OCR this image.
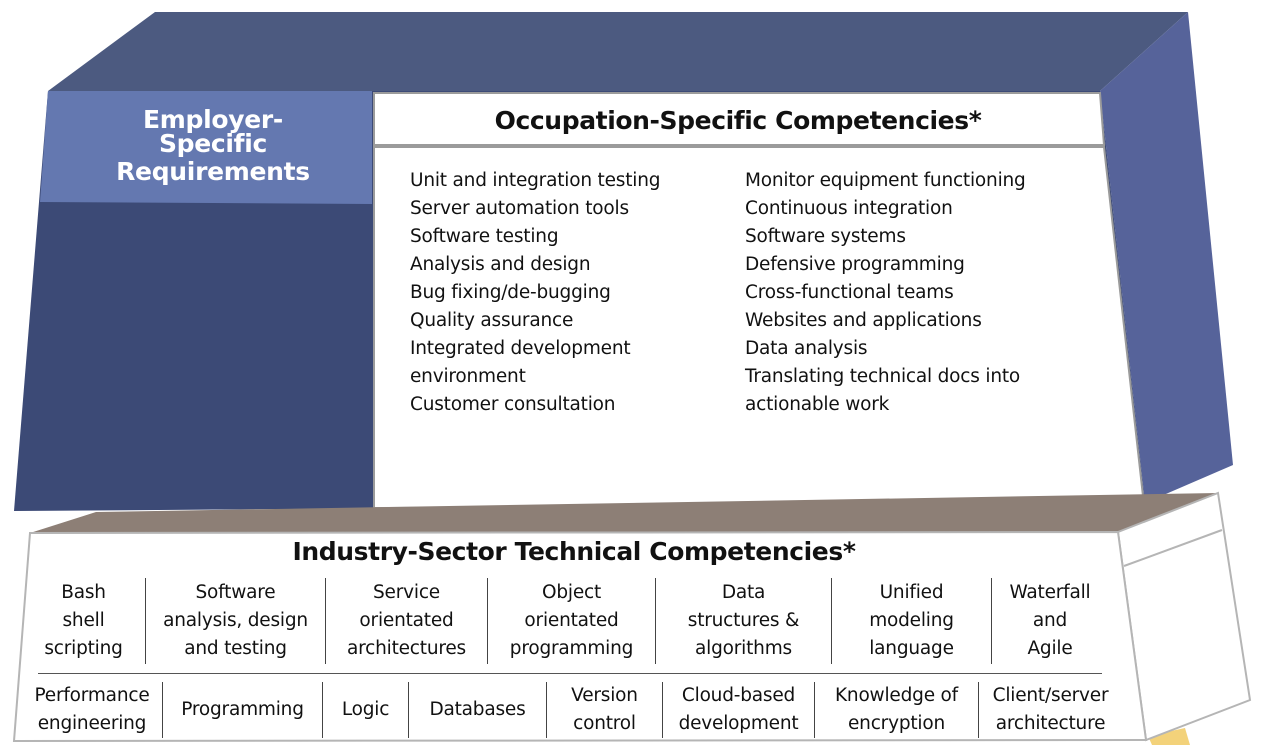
Employer-
Specific
Requirements
Occupation-Specific Competencies*
Unit and integration testing
Server automation tools
Software testing
Analysis and design
Bug fixing/de-bugging
Quality assurance
Integrated development
environment
Customer consultation
Monitor equipment functioning
Continuous integration
Software systems
Defensive programming
Cross-functional teams
Websites and applications
Data analysis
Translating technical docs into
actionable work
Industry-Sector Technical Competencies*
Bash
shell
scripting
Software
analysis, design
and testing
Service
orientated
architectures
Object
orientated
programming
Data
structures &
algorithms
Unified
modeling
language
Waterfall
and
Agile
Performance
engineering
Programming Logic Databases
Version
control
Cloud-based
development
Knowledge of
encryption
Client/server
architecture
